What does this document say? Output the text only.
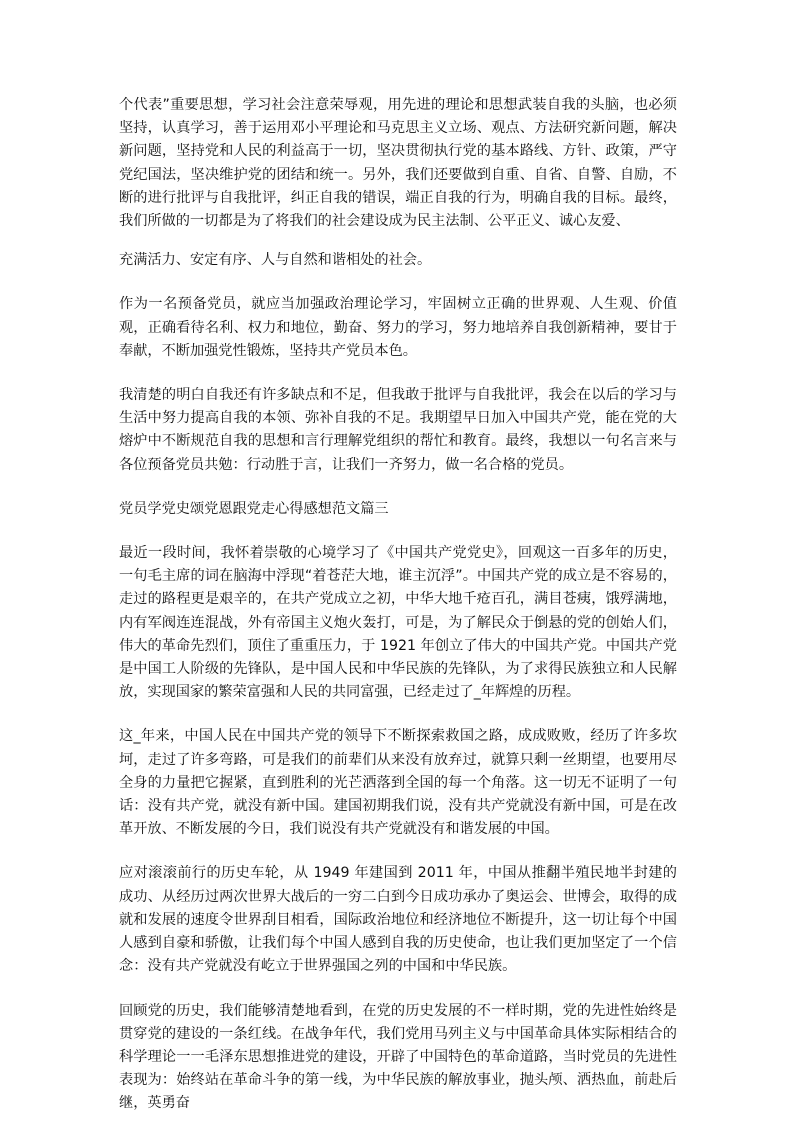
个代表”重要思想，学习社会注意荣辱观，用先进的理论和思想武装自我的头脑，也必须坚持，认真学习，善于运用邓小平理论和马克思主义立场、观点、方法研究新问题，解决新问题，坚持党和人民的利益高于一切，坚决贯彻执行党的基本路线、方针、政策，严守党纪国法，坚决维护党的团结和统一。另外，我们还要做到自重、自省、自警、自励，不断的进行批评与自我批评，纠正自我的错误，端正自我的行为，明确自我的目标。最终，我们所做的一切都是为了将我们的社会建设成为民主法制、公平正义、诚心友爱、

充满活力、安定有序、人与自然和谐相处的社会。

作为一名预备党员，就应当加强政治理论学习，牢固树立正确的世界观、人生观、价值观，正确看待名利、权力和地位，勤奋、努力的学习，努力地培养自我创新精神，要甘于奉献，不断加强党性锻炼，坚持共产党员本色。

我清楚的明白自我还有许多缺点和不足，但我敢于批评与自我批评，我会在以后的学习与生活中努力提高自我的本领、弥补自我的不足。我期望早日加入中国共产党，能在党的大熔炉中不断规范自我的思想和言行理解党组织的帮忙和教育。最终，我想以一句名言来与各位预备党员共勉：行动胜于言，让我们一齐努力，做一名合格的党员。

党员学党史颂党恩跟党走心得感想范文篇三

最近一段时间，我怀着崇敬的心境学习了《中国共产党党史》，回观这一百多年的历史，一句毛主席的词在脑海中浮现“着苍茫大地，谁主沉浮”。中国共产党的成立是不容易的，走过的路程更是艰辛的，在共产党成立之初，中华大地千疮百孔，满目苍痍，饿殍满地，内有军阀连连混战，外有帝国主义炮火轰打，可是，为了解民众于倒悬的党的创始人们，伟大的革命先烈们，顶住了重重压力，于 1921 年创立了伟大的中国共产党。中国共产党是中国工人阶级的先锋队，是中国人民和中华民族的先锋队，为了求得民族独立和人民解放，实现国家的繁荣富强和人民的共同富强，已经走过了_年辉煌的历程。

这_年来，中国人民在中国共产党的领导下不断探索救国之路，成成败败，经历了许多坎坷，走过了许多弯路，可是我们的前辈们从来没有放弃过，就算只剩一丝期望，也要用尽全身的力量把它握紧，直到胜利的光芒洒落到全国的每一个角落。这一切无不证明了一句话：没有共产党，就没有新中国。建国初期我们说，没有共产党就没有新中国，可是在改革开放、不断发展的今日，我们说没有共产党就没有和谐发展的中国。

应对滚滚前行的历史车轮，从 1949 年建国到 2011 年，中国从推翻半殖民地半封建的成功、从经历过两次世界大战后的一穷二白到今日成功承办了奥运会、世博会，取得的成就和发展的速度令世界刮目相看，国际政治地位和经济地位不断提升，这一切让每个中国人感到自豪和骄傲，让我们每个中国人感到自我的历史使命，也让我们更加坚定了一个信念：没有共产党就没有屹立于世界强国之列的中国和中华民族。

回顾党的历史，我们能够清楚地看到，在党的历史发展的不一样时期，党的先进性始终是贯穿党的建设的一条红线。在战争年代，我们党用马列主义与中国革命具体实际相结合的科学理论一一毛泽东思想推进党的建设，开辟了中国特色的革命道路，当时党员的先进性表现为：始终站在革命斗争的第一线，为中华民族的解放事业，抛头颅、洒热血，前赴后继，英勇奋
